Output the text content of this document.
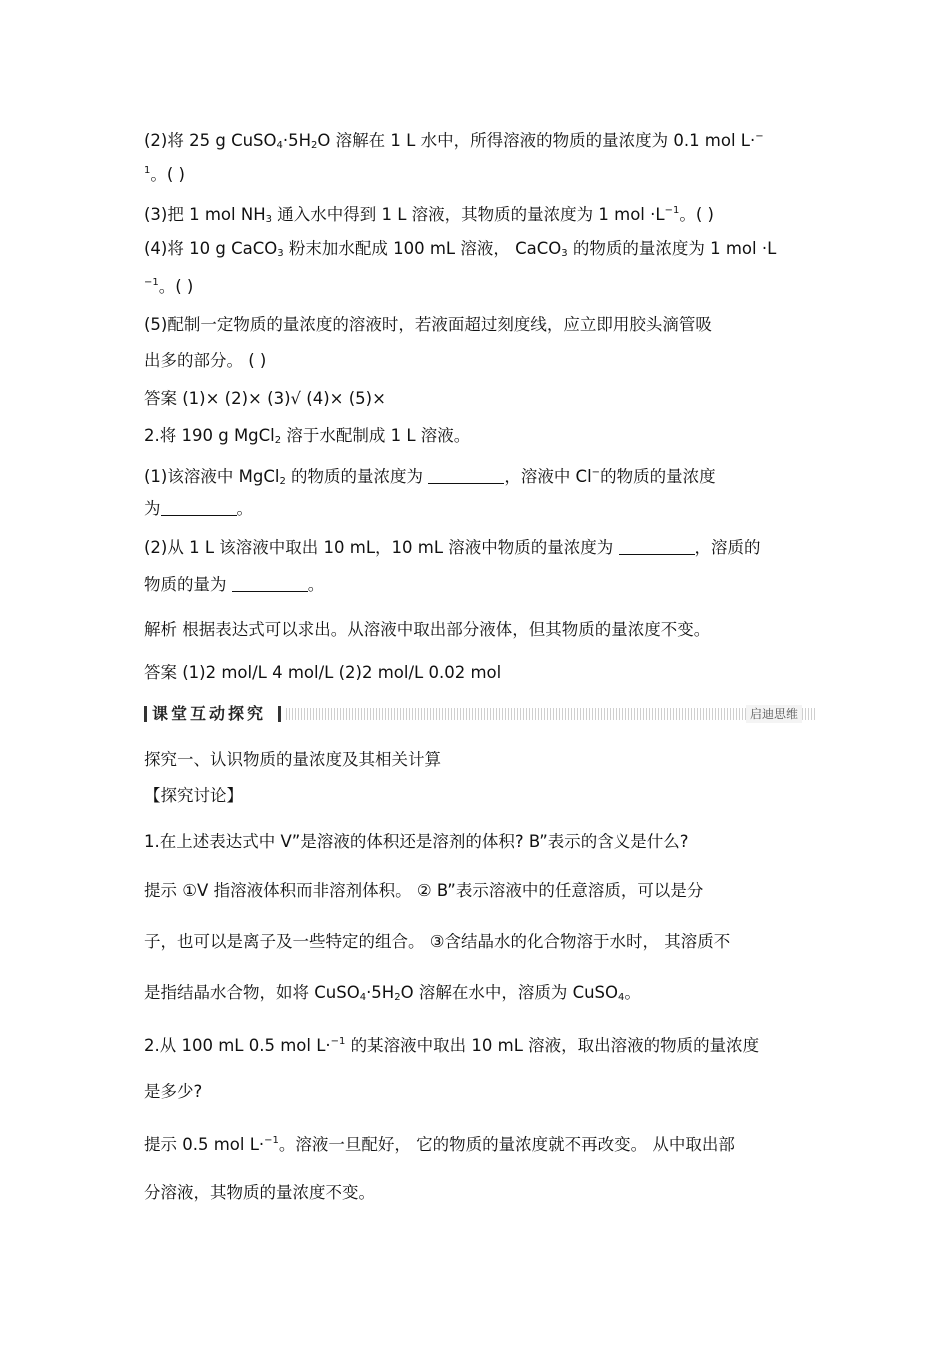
(2)将 25 g $CuSO_4\cdot 5H_2O$ 溶解在 1 L 水中，所得溶液的物质的量浓度为 0.1 mol L·−
$^1$。( )
(3)把 1 mol $NH_3$ 通入水中得到 1 L 溶液，其物质的量浓度为 1 mol $\cdot L^{-1}$。( )
(4)将 10 g CaCO$_3$ 粉末加水配成 100 mL 溶液， CaCO$_3$ 的物质的量浓度为 1 mol ·L
$^{-1}$。( )
(5)配制一定物质的量浓度的溶液时，若液面超过刻度线，应立即用胶头滴管吸
出多的部分。 ( )
答案 (1)× (2)× (3)√ (4)× (5)×
2.将 190 g MgCl$_2$ 溶于水配制成 1 L 溶液。
(1)该溶液中 MgCl$_2$ 的物质的量浓度为	，溶液中 Cl−的物质的量浓度
为	。
(2)从 1 L 该溶液中取出 10 mL，10 mL 溶液中物质的量浓度为	，溶质的
物质的量为	。
解析 根据表达式可以求出。从溶液中取出部分液体，但其物质的量浓度不变。
答案 (1)2 mol/L 4 mol/L (2)2 mol/L 0.02 mol
课堂互动探究	启迪思维
探究一、认识物质的量浓度及其相关计算
【探究讨论】
1.在上述表达式中 V”是溶液的体积还是溶剂的体积? B”表示的含义是什么?
提示 ①V 指溶液体积而非溶剂体积。 ② B”表示溶液中的任意溶质，可以是分
子，也可以是离子及一些特定的组合。 ③含结晶水的化合物溶于水时， 其溶质不
是指结晶水合物，如将 $CuSO_4\cdot 5H_2O$ 溶解在水中，溶质为 CuSO$_4$。
2.从 100 mL 0.5 mol L·$^{-1}$ 的某溶液中取出 10 mL 溶液，取出溶液的物质的量浓度
是多少?
提示 0.5 mol L·$^{-1}$。溶液一旦配好， 它的物质的量浓度就不再改变。 从中取出部
分溶液，其物质的量浓度不变。
